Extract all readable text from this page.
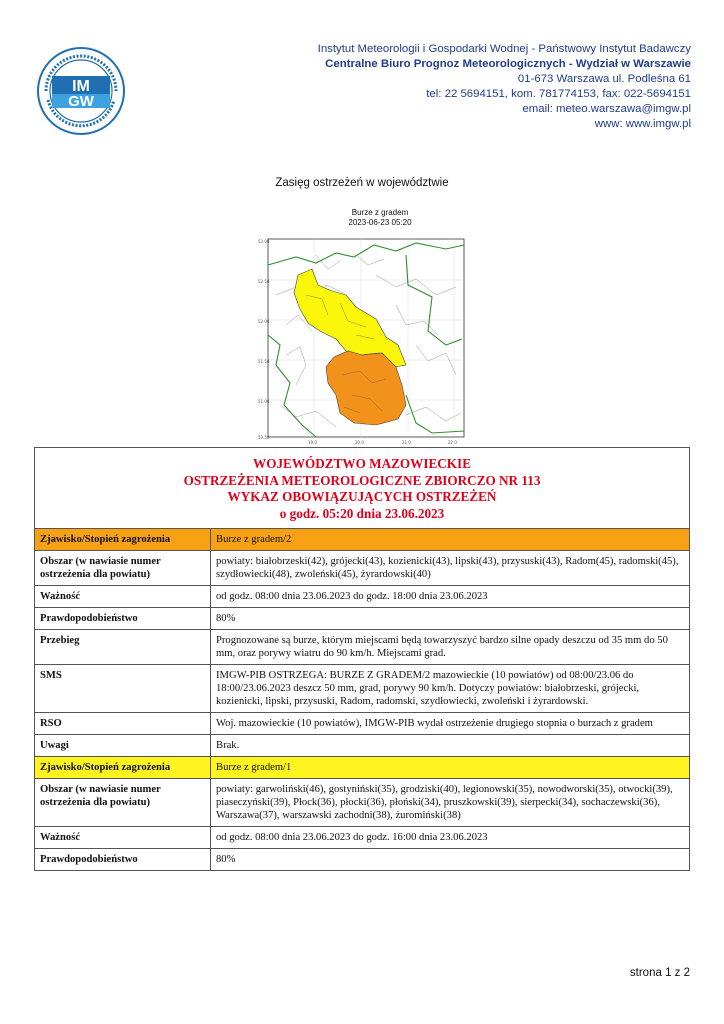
IM
GW
Instytut Meteorologii i Gospodarki Wodnej - Państwowy Instytut Badawczy
Centralne Biuro Prognoz Meteorologicznych - Wydział w Warszawie
01-673 Warszawa ul. Podleśna 61
tel: 22 5694151, kom. 781774153, fax: 022-5694151
email: meteo.warszawa@imgw.pl
www: www.imgw.pl
Zasięg ostrzeżeń w województwie
Burze z gradem
2023-06-23 05:20
53.00
52.50
52.00
51.50
51.00
50.50
19.0	20.0	21.0	22.0
WOJEWÓDZTWO MAZOWIECKIE
OSTRZEŻENIA METEOROLOGICZNE ZBIORCZO NR 113
WYKAZ OBOWIĄZUJĄCYCH OSTRZEŻEŃ
o godz. 05:20 dnia 23.06.2023	

Zjawisko/Stopień zagrożenia	Burze z gradem/2
Obszar (w nawiasie numer ostrzeżenia dla powiatu)	powiaty: białobrzeski(42), grójecki(43), kozienicki(43), lipski(43), przysuski(43), Radom(45), radomski(45), szydłowiecki(48), zwoleński(45), żyrardowski(40)
Ważność	od godz. 08:00 dnia 23.06.2023 do godz. 18:00 dnia 23.06.2023
Prawdopodobieństwo	80%
Przebieg	Prognozowane są burze, którym miejscami będą towarzyszyć bardzo silne opady deszczu od 35 mm do 50 mm, oraz porywy wiatru do 90 km/h. Miejscami grad.
SMS	IMGW-PIB OSTRZEGA: BURZE Z GRADEM/2 mazowieckie (10 powiatów) od 08:00/23.06 do 18:00/23.06.2023 deszcz 50 mm, grad, porywy 90 km/h. Dotyczy powiatów: białobrzeski, grójecki, kozienicki, lipski, przysuski, Radom, radomski, szydłowiecki, zwoleński i żyrardowski.
RSO	Woj. mazowieckie (10 powiatów), IMGW-PIB wydał ostrzeżenie drugiego stopnia o burzach z gradem
Uwagi	Brak.
Zjawisko/Stopień zagrożenia	Burze z gradem/1
Obszar (w nawiasie numer ostrzeżenia dla powiatu)	powiaty: garwoliński(46), gostyniński(35), grodziski(40), legionowski(35), nowodworski(35), otwocki(39), piaseczyński(39), Płock(36), płocki(36), płoński(34), pruszkowski(39), sierpecki(34), sochaczewski(36), Warszawa(37), warszawski zachodni(38), żuromiński(38)
Ważność	od godz. 08:00 dnia 23.06.2023 do godz. 16:00 dnia 23.06.2023
Prawdopodobieństwo	80%
strona 1 z 2
